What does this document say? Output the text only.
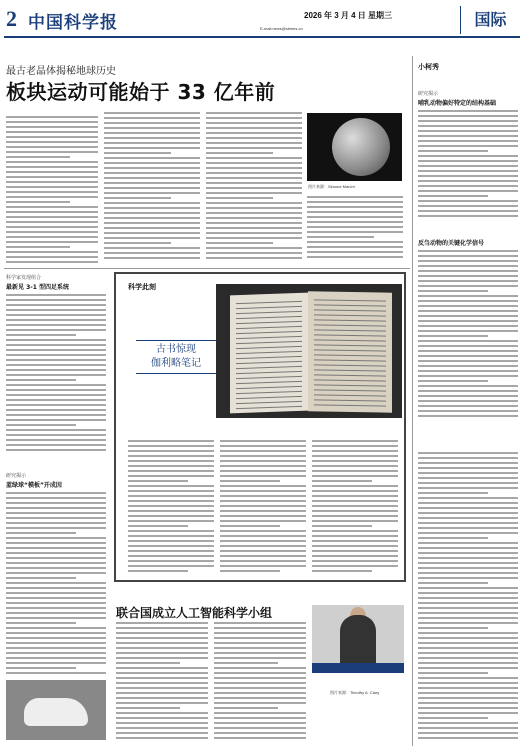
2 中国科学报	2026 年 3 月 4 日 星期三
E-mail:news@stimes.cn	国际
最古老晶体揭秘地球历史
板块运动可能始于 33 亿年前
图片来源：Simone Marchi
小柯秀
研究揭示
哺乳动物偏好特定的结构基础
反刍动物的关键化学信号
科学家发现组合
最新见 3-1 型四足系统
研究揭示
蓝绿球“模板”开成因
科学此刻
古书惊现
伽利略笔记
联合国成立人工智能科学小组
图片来源：Timothy A. Clary
